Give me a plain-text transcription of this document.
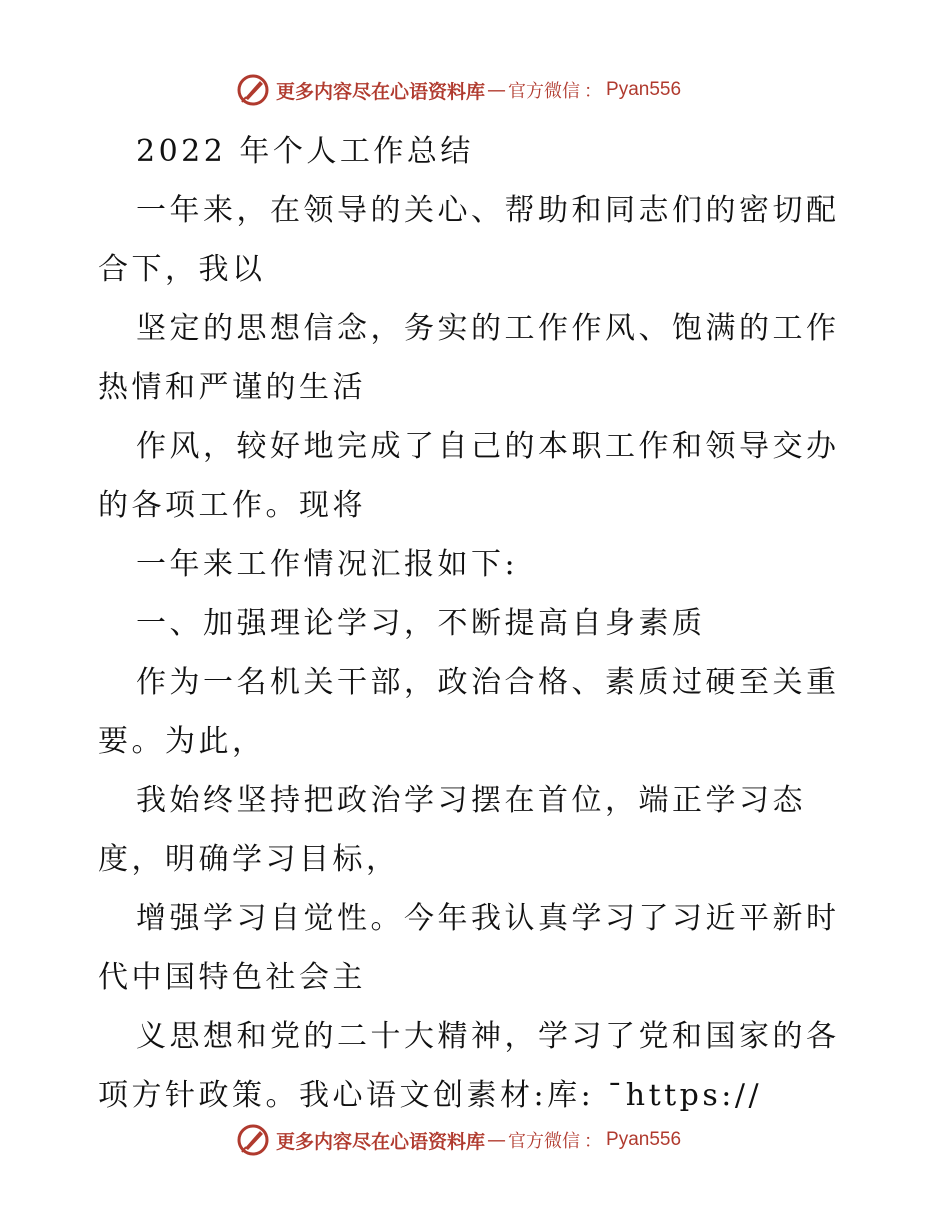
更多内容尽在心语资料库 — 官方微信 ： Pyan556
2022 年个人工作总结
一年来，在领导的关心、帮助和同志们的密切配
合下，我以
坚定的思想信念，务实的工作作风、饱满的工作
热情和严谨的生活
作风，较好地完成了自己的本职工作和领导交办
的各项工作。现将
一年来工作情况汇报如下:
一、加强理论学习，不断提高自身素质
作为一名机关干部，政治合格、素质过硬至关重
要。为此，
我始终坚持把政治学习摆在首位，端正学习态
度，明确学习目标，
增强学习自觉性。今年我认真学习了习近平新时
代中国特色社会主
义思想和党的二十大精神，学习了党和国家的各
项方针政策。我心语文创素材:库: ¯https://
更多内容尽在心语资料库 — 官方微信 ： Pyan556
